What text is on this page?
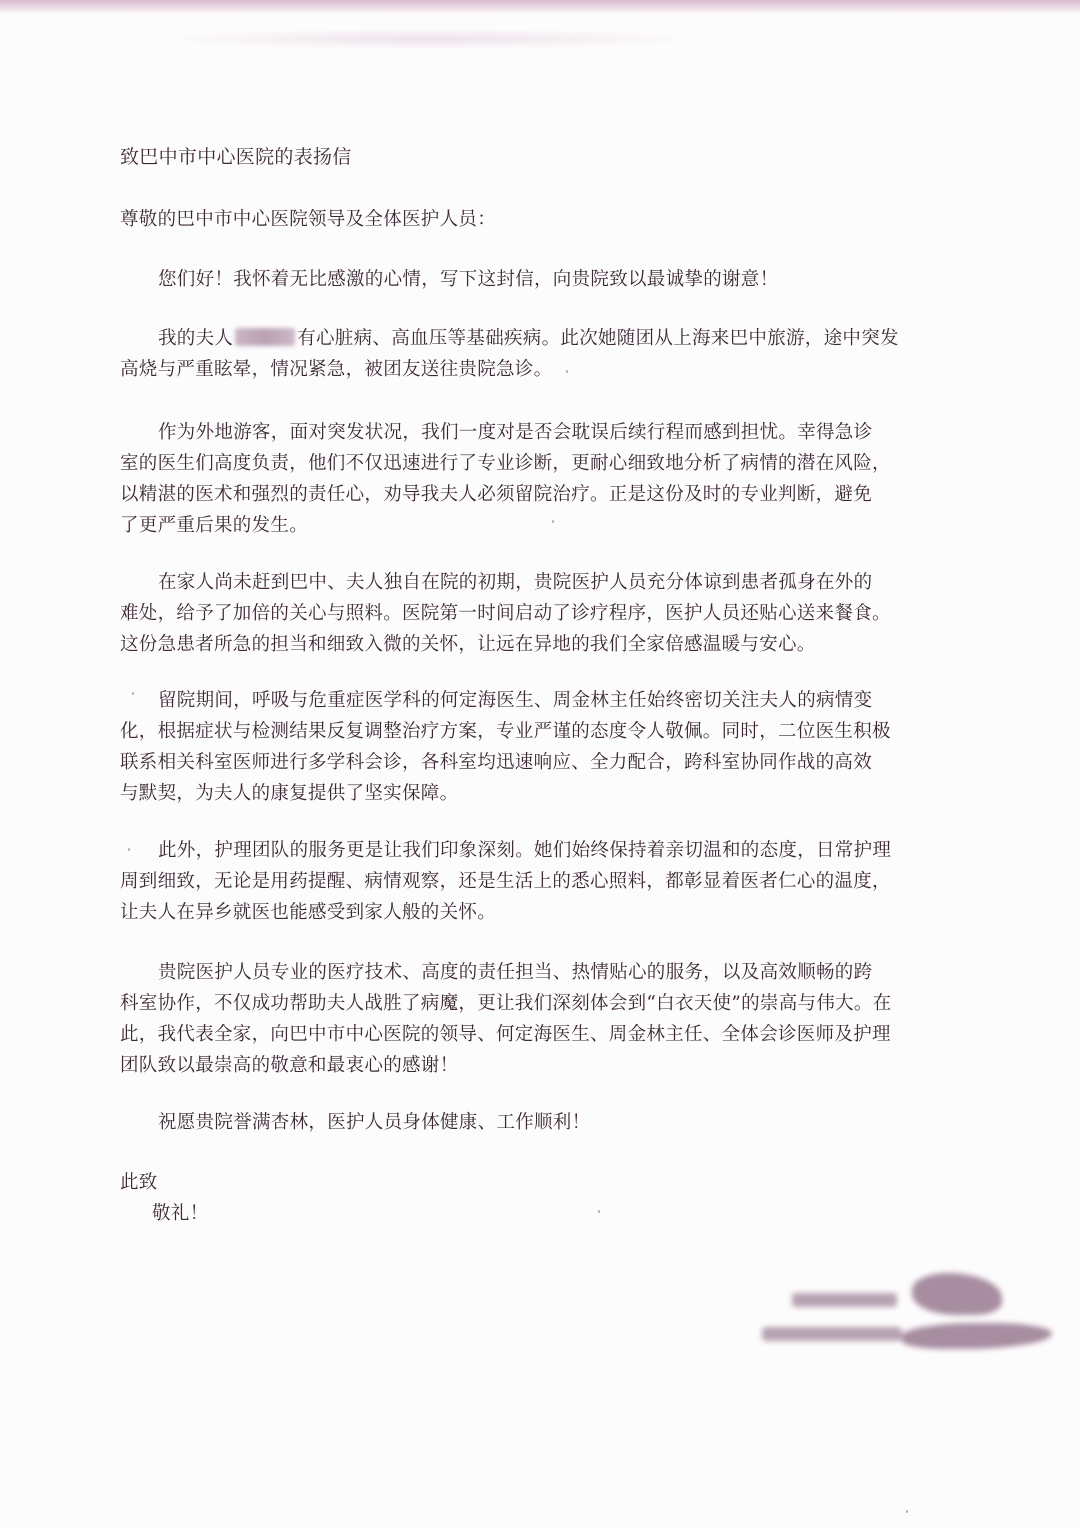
致巴中市中心医院的表扬信

尊敬的巴中市中心医院领导及全体医护人员：

您们好！我怀着无比感激的心情，写下这封信，向贵院致以最诚挚的谢意！

我的夫人	有心脏病、高血压等基础疾病。此次她随团从上海来巴中旅游，途中突发

高烧与严重眩晕，情况紧急，被团友送往贵院急诊。

作为外地游客，面对突发状况，我们一度对是否会耽误后续行程而感到担忧。幸得急诊

室的医生们高度负责，他们不仅迅速进行了专业诊断，更耐心细致地分析了病情的潜在风险，

以精湛的医术和强烈的责任心，劝导我夫人必须留院治疗。正是这份及时的专业判断，避免

了更严重后果的发生。

在家人尚未赶到巴中、夫人独自在院的初期，贵院医护人员充分体谅到患者孤身在外的

难处，给予了加倍的关心与照料。医院第一时间启动了诊疗程序，医护人员还贴心送来餐食。

这份急患者所急的担当和细致入微的关怀，让远在异地的我们全家倍感温暖与安心。

留院期间，呼吸与危重症医学科的何定海医生、周金林主任始终密切关注夫人的病情变

化，根据症状与检测结果反复调整治疗方案，专业严谨的态度令人敬佩。同时，二位医生积极

联系相关科室医师进行多学科会诊，各科室均迅速响应、全力配合，跨科室协同作战的高效

与默契，为夫人的康复提供了坚实保障。

此外，护理团队的服务更是让我们印象深刻。她们始终保持着亲切温和的态度，日常护理

周到细致，无论是用药提醒、病情观察，还是生活上的悉心照料，都彰显着医者仁心的温度，

让夫人在异乡就医也能感受到家人般的关怀。

贵院医护人员专业的医疗技术、高度的责任担当、热情贴心的服务，以及高效顺畅的跨

科室协作，不仅成功帮助夫人战胜了病魔，更让我们深刻体会到“白衣天使”的崇高与伟大。在

此，我代表全家，向巴中市中心医院的领导、何定海医生、周金林主任、全体会诊医师及护理

团队致以最崇高的敬意和最衷心的感谢！

祝愿贵院誉满杏林，医护人员身体健康、工作顺利！

此致

敬礼！
